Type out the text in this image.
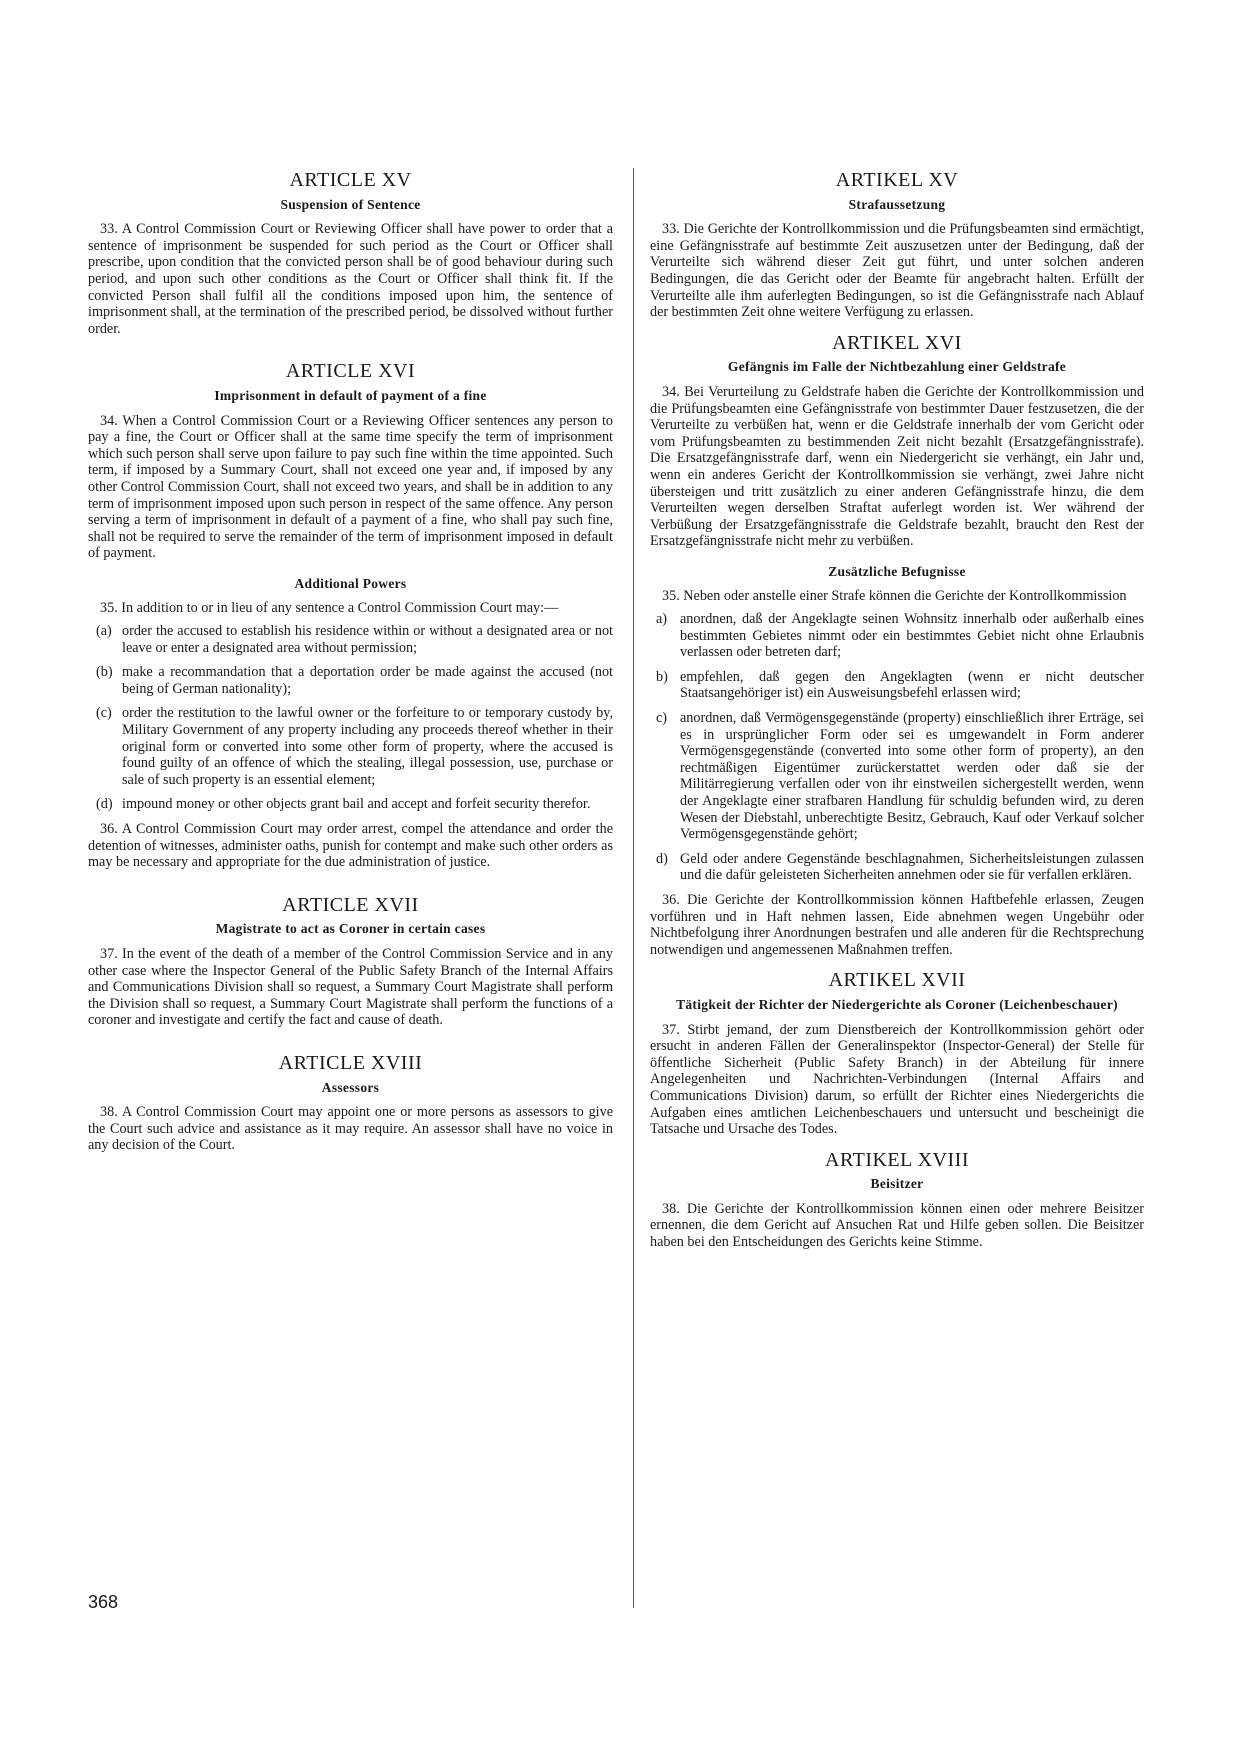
ARTICLE XV
Suspension of Sentence

33. A Control Commission Court or Reviewing Officer shall have power to order that a sentence of imprisonment be suspended for such period as the Court or Officer shall prescribe, upon condition that the convicted person shall be of good behaviour during such period, and upon such other conditions as the Court or Officer shall think fit. If the convicted Person shall fulfil all the conditions imposed upon him, the sentence of imprisonment shall, at the termination of the prescribed period, be dissolved without further order.

ARTICLE XVI
Imprisonment in default of payment of a fine

34. When a Control Commission Court or a Reviewing Officer sentences any person to pay a fine, the Court or Officer shall at the same time specify the term of imprisonment which such person shall serve upon failure to pay such fine within the time appointed. Such term, if imposed by a Summary Court, shall not exceed one year and, if imposed by any other Control Commission Court, shall not exceed two years, and shall be in addition to any term of imprisonment imposed upon such person in respect of the same offence. Any person serving a term of imprisonment in default of a payment of a fine, who shall pay such fine, shall not be required to serve the remainder of the term of imprisonment imposed in default of payment.

Additional Powers

35. In addition to or in lieu of any sentence a Control Commission Court may:—

(a) order the accused to establish his residence within or without a designated area or not leave or enter a designated area without permission;
(b) make a recommandation that a deportation order be made against the accused (not being of German nationality);
(c) order the restitution to the lawful owner or the forfeiture to or temporary custody by, Military Government of any property including any proceeds thereof whether in their original form or converted into some other form of property, where the accused is found guilty of an offence of which the stealing, illegal possession, use, purchase or sale of such property is an essential element;
(d) impound money or other objects grant bail and accept and forfeit security therefor.

36. A Control Commission Court may order arrest, compel the attendance and order the detention of witnesses, administer oaths, punish for contempt and make such other orders as may be necessary and appropriate for the due administration of justice.

ARTICLE XVII
Magistrate to act as Coroner in certain cases

37. In the event of the death of a member of the Control Commission Service and in any other case where the Inspector General of the Public Safety Branch of the Internal Affairs and Communications Division shall so request, a Summary Court Magistrate shall perform the Division shall so request, a Summary Court Magistrate shall perform the functions of a coroner and investigate and certify the fact and cause of death.

ARTICLE XVIII
Assessors

38. A Control Commission Court may appoint one or more persons as assessors to give the Court such advice and assistance as it may require. An assessor shall have no voice in any decision of the Court.

ARTIKEL XV
Strafaussetzung

33. Die Gerichte der Kontrollkommission und die Prüfungsbeamten sind ermächtigt, eine Gefängnisstrafe auf bestimmte Zeit auszusetzen unter der Bedingung, daß der Verurteilte sich während dieser Zeit gut führt, und unter solchen anderen Bedingungen, die das Gericht oder der Beamte für angebracht halten. Erfüllt der Verurteilte alle ihm auferlegten Bedingungen, so ist die Gefängnisstrafe nach Ablauf der bestimmten Zeit ohne weitere Verfügung zu erlassen.

ARTIKEL XVI
Gefängnis im Falle der Nichtbezahlung einer Geldstrafe

34. Bei Verurteilung zu Geldstrafe haben die Gerichte der Kontrollkommission und die Prüfungsbeamten eine Gefängnisstrafe von bestimmter Dauer festzusetzen, die der Verurteilte zu verbüßen hat, wenn er die Geldstrafe innerhalb der vom Gericht oder vom Prüfungsbeamten zu bestimmenden Zeit nicht bezahlt (Ersatzgefängnisstrafe). Die Ersatzgefängnisstrafe darf, wenn ein Niedergericht sie verhängt, ein Jahr und, wenn ein anderes Gericht der Kontrollkommission sie verhängt, zwei Jahre nicht übersteigen und tritt zusätzlich zu einer anderen Gefängnisstrafe hinzu, die dem Verurteilten wegen derselben Straftat auferlegt worden ist. Wer während der Verbüßung der Ersatzgefängnisstrafe die Geldstrafe bezahlt, braucht den Rest der Ersatzgefängnisstrafe nicht mehr zu verbüßen.

Zusätzliche Befugnisse

35. Neben oder anstelle einer Strafe können die Gerichte der Kontrollkommission

a) anordnen, daß der Angeklagte seinen Wohnsitz innerhalb oder außerhalb eines bestimmten Gebietes nimmt oder ein bestimmtes Gebiet nicht ohne Erlaubnis verlassen oder betreten darf;
b) empfehlen, daß gegen den Angeklagten (wenn er nicht deutscher Staatsangehöriger ist) ein Ausweisungsbefehl erlassen wird;
c) anordnen, daß Vermögensgegenstände (property) einschließlich ihrer Erträge, sei es in ursprünglicher Form oder sei es umgewandelt in Form anderer Vermögensgegenstände (converted into some other form of property), an den rechtmäßigen Eigentümer zurückerstattet werden oder daß sie der Militärregierung verfallen oder von ihr einstweilen sichergestellt werden, wenn der Angeklagte einer strafbaren Handlung für schuldig befunden wird, zu deren Wesen der Diebstahl, unberechtigte Besitz, Gebrauch, Kauf oder Verkauf solcher Vermögensgegenstände gehört;
d) Geld oder andere Gegenstände beschlagnahmen, Sicherheitsleistungen zulassen und die dafür geleisteten Sicherheiten annehmen oder sie für verfallen erklären.

36. Die Gerichte der Kontrollkommission können Haftbefehle erlassen, Zeugen vorführen und in Haft nehmen lassen, Eide abnehmen wegen Ungebühr oder Nichtbefolgung ihrer Anordnungen bestrafen und alle anderen für die Rechtsprechung notwendigen und angemessenen Maßnahmen treffen.

ARTIKEL XVII
Tätigkeit der Richter der Niedergerichte als Coroner (Leichenbeschauer)

37. Stirbt jemand, der zum Dienstbereich der Kontrollkommission gehört oder ersucht in anderen Fällen der Generalinspektor (Inspector-General) der Stelle für öffentliche Sicherheit (Public Safety Branch) in der Abteilung für innere Angelegenheiten und Nachrichten-Verbindungen (Internal Affairs and Communications Division) darum, so erfüllt der Richter eines Niedergerichts die Aufgaben eines amtlichen Leichenbeschauers und untersucht und bescheinigt die Tatsache und Ursache des Todes.

ARTIKEL XVIII
Beisitzer

38. Die Gerichte der Kontrollkommission können einen oder mehrere Beisitzer ernennen, die dem Gericht auf Ansuchen Rat und Hilfe geben sollen. Die Beisitzer haben bei den Entscheidungen des Gerichts keine Stimme.

368
